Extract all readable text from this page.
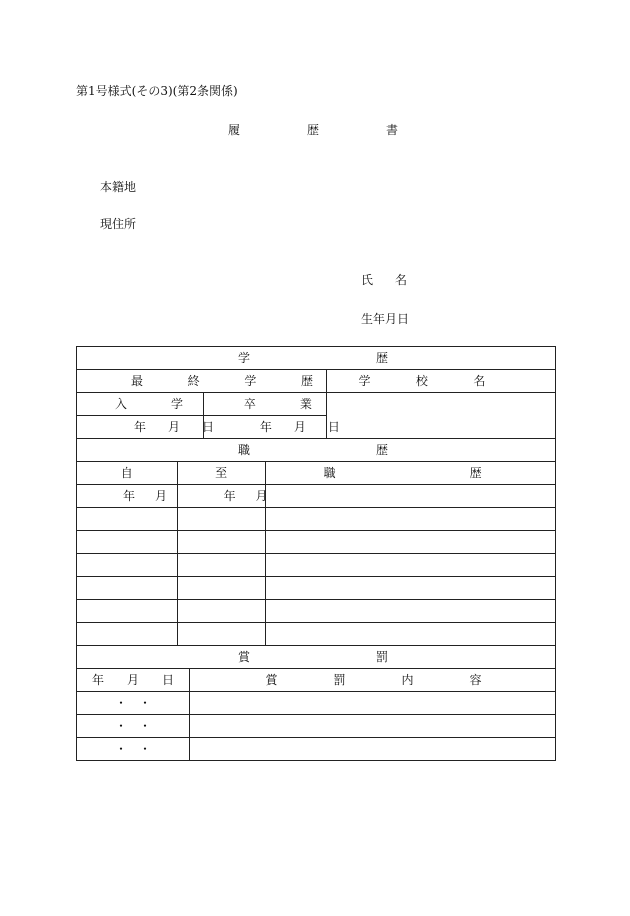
第1号様式(その3)(第2条関係)
履	歴	書
本籍地
現住所
氏 名
生年月日
学 歴					

最 終 学 歴					学 校 名

入 学			卒 業		

年 月 日			年 月 日		

職 歴					

自	至			職 歴	

年 月	年 月				

賞 罰					

年 月 日		賞 罰 内 容			

・ ・					

・ ・					

・ ・					
